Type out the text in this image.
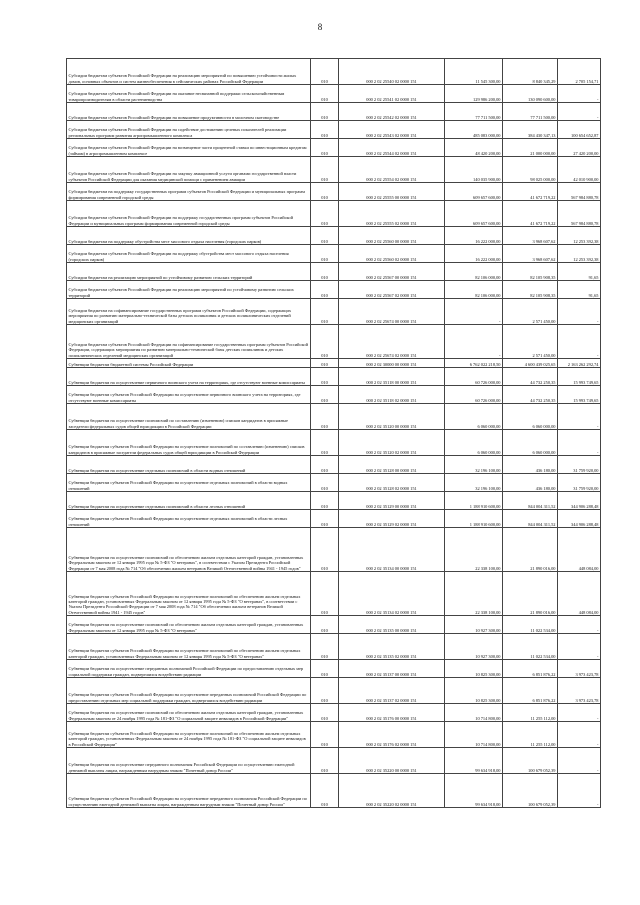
8
Субсидии бюджетам субъектов Российской Федерации на реализацию мероприятий по повышению устойчивости жилых домов, основных объектов и систем жизнеобеспечения в сейсмических районах Российской Федерации	010	000 2 02 25540 02 0000 151	11 545 300,00	8 840 345,29	2 705 154,71
Субсидии бюджетам субъектов Российской Федерации на оказание несвязанной поддержки сельскохозяйственным товаропроизводителям в области растениеводства	010	000 2 02 25541 02 0000 151	129 986 200,00	130 090 600,00	-
Субсидии бюджетам субъектов Российской Федерации на повышение продуктивности в молочном скотоводстве	010	000 2 02 25542 02 0000 151	77 711 500,00	77 711 500,00	-
Субсидии бюджетам субъектов Российской Федерации на содействие достижению целевых показателей реализации региональных программ развития агропромышленного комплекса	010	000 2 02 25543 02 0000 151	485 083 000,00	384 430 347,13	100 654 652,87
Субсидии бюджетам субъектов Российской Федерации на возмещение части процентной ставки по инвестиционным кредитам (займам) в агропромышленном комплексе	010	000 2 02 25544 02 0000 151	48 420 200,00	21 000 000,00	27 420 200,00
Субсидии бюджетам субъектов Российской Федерации на закупку авиационной услуги органами государственной власти субъектов Российской Федерации для оказания медицинской помощи с применением авиации	010	000 2 02 25554 02 0000 151	140 035 900,00	98 025 000,00	42 010 900,00
Субсидии бюджетам на поддержку государственных программ субъектов Российской Федерации и муниципальных программ формирования современной городской среды	010	000 2 02 25555 00 0000 151	609 657 600,00	41 672 719,22	567 984 880,78
Субсидии бюджетам субъектов Российской Федерации на поддержку государственных программ субъектов Российской Федерации и муниципальных программ формирования современной городской среды	010	000 2 02 25555 02 0000 151	609 657 600,00	41 672 719,22	567 984 880,78
Субсидии бюджетам на поддержку обустройства мест массового отдыха населения (городских парков)	010	000 2 02 25560 00 0000 151	16 222 000,00	3 968 607,62	12 253 392,38
Субсидии бюджетам субъектов Российской Федерации на поддержку обустройства мест массового отдыха населения (городских парков)	010	000 2 02 25560 02 0000 151	16 222 000,00	3 968 607,62	12 253 392,38
Субсидии бюджетам на реализацию мероприятий по устойчивому развитию сельских территорий	010	000 2 02 25567 00 0000 151	82 106 000,00	82 105 908,35	91,65
Субсидии бюджетам субъектов Российской Федерации на реализацию мероприятий по устойчивому развитию сельских территорий	010	000 2 02 25567 02 0000 151	82 106 000,00	82 105 908,35	91,65
Субсидии бюджетам на софинансирование государственных программ субъектов Российской Федерации, содержащих мероприятия по развитию материально-технической базы детских поликлиник и детских поликлинических отделений медицинских организаций	010	000 2 02 25674 00 0000 151	-	2 571 450,00	-
Субсидии бюджетам субъектов Российской Федерации на софинансирование государственных программ субъектов Российской Федерации, содержащих мероприятия по развитию материально-технической базы детских поликлиник и детских поликлинических отделений медицинских организаций	010	000 2 02 25674 02 0000 151	-	2 571 450,00	-
Субвенции бюджетам бюджетной системы Российской Федерации	010	000 2 02 30000 00 0000 151	6 762 022 218,50	4 600 439 025,65	2 163 262 292,74
Субвенции бюджетам на осуществление первичного воинского учета на территориях, где отсутствуют военные комиссариаты	010	000 2 02 35118 00 0000 151	60 726 000,00	44 732 250,35	15 993 749,65
Субвенции бюджетам субъектов Российской Федерации на осуществление первичного воинского учета на территориях, где отсутствуют военные комиссариаты	010	000 2 02 35118 02 0000 151	60 726 000,00	44 732 250,35	15 993 749,65
Субвенции бюджетам на осуществление полномочий по составлению (изменению) списков кандидатов в присяжные заседатели федеральных судов общей юрисдикции в Российской Федерации	010	000 2 02 35120 00 0000 151	6 060 000,00	6 060 000,00	-
Субвенции бюджетам субъектов Российской Федерации на осуществление полномочий по составлению (изменению) списков кандидатов в присяжные заседатели федеральных судов общей юрисдикции в Российской Федерации	010	000 2 02 35120 02 0000 151	6 060 000,00	6 060 000,00	-
Субвенции бюджетам на осуществление отдельных полномочий в области водных отношений	010	000 2 02 35128 00 0000 151	32 196 100,00	436 180,00	31 759 920,00
Субвенции бюджетам субъектов Российской Федерации на осуществление отдельных полномочий в области водных отношений	010	000 2 02 35128 02 0000 151	32 196 100,00	436 180,00	31 759 920,00
Субвенции бюджетам на осуществление отдельных полномочий в области лесных отношений	010	000 2 02 35129 00 0000 151	1 188 910 600,00	844 004 311,52	344 906 288,48
Субвенции бюджетам субъектов Российской Федерации на осуществление отдельных полномочий в области лесных отношений	010	000 2 02 35129 02 0000 151	1 188 910 600,00	844 004 311,52	344 906 288,48
Субвенции бюджетам на осуществление полномочий по обеспечению жильем отдельных категорий граждан, установленных Федеральным законом от 12 января 1995 года № 5-ФЗ "О ветеранах", в соответствии с Указом Президента Российской Федерации от 7 мая 2008 года № 714 "Об обеспечении жильем ветеранов Великой Отечественной войны 1941 - 1945 годов"	010	000 2 02 35134 00 0000 151	22 338 100,00	21 890 016,00	448 084,00
Субвенции бюджетам субъектов Российской Федерации на осуществление полномочий по обеспечению жильем отдельных категорий граждан, установленных Федеральным законом от 12 января 1995 года № 5-ФЗ "О ветеранах", в соответствии с Указом Президента Российской Федерации от 7 мая 2008 года № 714 "Об обеспечении жильем ветеранов Великой Отечественной войны 1941 - 1945 годов"	010	000 2 02 35134 02 0000 151	22 338 100,00	21 890 016,00	448 084,00
Субвенции бюджетам на осуществление полномочий по обеспечению жильем отдельных категорий граждан, установленных Федеральным законом от 12 января 1995 года № 5-ФЗ "О ветеранах"	010	000 2 02 35135 00 0000 151	10 927 300,00	11 022 534,00	-
Субвенции бюджетам субъектов Российской Федерации на осуществление полномочий по обеспечению жильем отдельных категорий граждан, установленных Федеральным законом от 12 января 1995 года № 5-ФЗ "О ветеранах"	010	000 2 02 35135 02 0000 151	10 927 300,00	11 022 534,00	-
Субвенции бюджетам на осуществление переданных полномочий Российской Федерации по предоставлению отдельных мер социальной поддержки граждан, подвергшихся воздействию радиации	010	000 2 02 35137 00 0000 151	10 825 300,00	6 851 876,22	3 973 423,78
Субвенции бюджетам субъектов Российской Федерации на осуществление переданных полномочий Российской Федерации по предоставлению отдельных мер социальной поддержки граждан, подвергшихся воздействию радиации	010	000 2 02 35137 02 0000 151	10 825 300,00	6 851 876,22	3 973 423,78
Субвенции бюджетам на осуществление полномочий по обеспечению жильем отдельных категорий граждан, установленных Федеральным законом от 24 ноября 1995 года № 181-ФЗ "О социальной защите инвалидов в Российской Федерации"	010	000 2 02 35176 00 0000 151	10 714 800,00	11 255 112,00	-
Субвенции бюджетам субъектов Российской Федерации на осуществление полномочий по обеспечению жильем отдельных категорий граждан, установленных Федеральным законом от 24 ноября 1995 года № 181-ФЗ "О социальной защите инвалидов в Российской Федерации"	010	000 2 02 35176 02 0000 151	10 714 800,00	11 255 112,00	-
Субвенции бюджетам на осуществление переданного полномочия Российской Федерации по осуществлению ежегодной денежной выплаты лицам, награжденным нагрудным знаком "Почетный донор России"	010	000 2 02 35220 00 0000 151	99 634 918,00	100 679 052,39	-
Субвенции бюджетам субъектов Российской Федерации на осуществление переданного полномочия Российской Федерации по осуществлению ежегодной денежной выплаты лицам, награжденным нагрудным знаком "Почетный донор России"	010	000 2 02 35220 02 0000 151	99 634 918,00	100 679 052,39	-
